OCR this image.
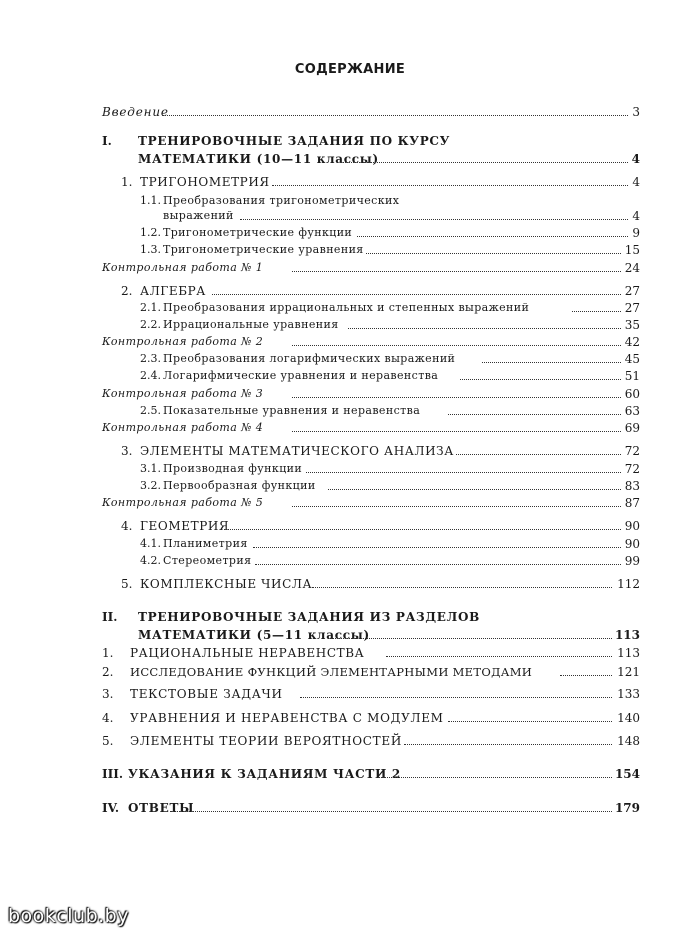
СОДЕРЖАНИЕ
Введение	3
I. ТРЕНИРОВОЧНЫЕ ЗАДАНИЯ ПО КУРСУ
МАТЕМАТИКИ (10—11 классы)	4
1. ТРИГОНОМЕТРИЯ	4
1.1. Преобразования тригонометрических
выражений	4
1.2. Тригонометрические функции	9
1.3. Тригонометрические уравнения	15
Контрольная работа № 1	24
2. АЛГЕБРА	27
2.1. Преобразования иррациональных и степенных выражений	27
2.2. Иррациональные уравнения	35
Контрольная работа № 2	42
2.3. Преобразования логарифмических выражений	45
2.4. Логарифмические уравнения и неравенства	51
Контрольная работа № 3	60
2.5. Показательные уравнения и неравенства	63
Контрольная работа № 4	69
3. ЭЛЕМЕНТЫ МАТЕМАТИЧЕСКОГО АНАЛИЗА	72
3.1. Производная функции	72
3.2. Первообразная функции	83
Контрольная работа № 5	87
4. ГЕОМЕТРИЯ	90
4.1. Планиметрия	90
4.2. Стереометрия	99
5. КОМПЛЕКСНЫЕ ЧИСЛА	112
II. ТРЕНИРОВОЧНЫЕ ЗАДАНИЯ ИЗ РАЗДЕЛОВ
МАТЕМАТИКИ (5—11 классы)	113
1. РАЦИОНАЛЬНЫЕ НЕРАВЕНСТВА	113
2. ИССЛЕДОВАНИЕ ФУНКЦИЙ ЭЛЕМЕНТАРНЫМИ МЕТОДАМИ	121
3. ТЕКСТОВЫЕ ЗАДАЧИ	133
4. УРАВНЕНИЯ И НЕРАВЕНСТВА С МОДУЛЕМ	140
5. ЭЛЕМЕНТЫ ТЕОРИИ ВЕРОЯТНОСТЕЙ	148
III. УКАЗАНИЯ К ЗАДАНИЯМ ЧАСТИ 2	154
IV. ОТВЕТЫ	179
bookclub.by
